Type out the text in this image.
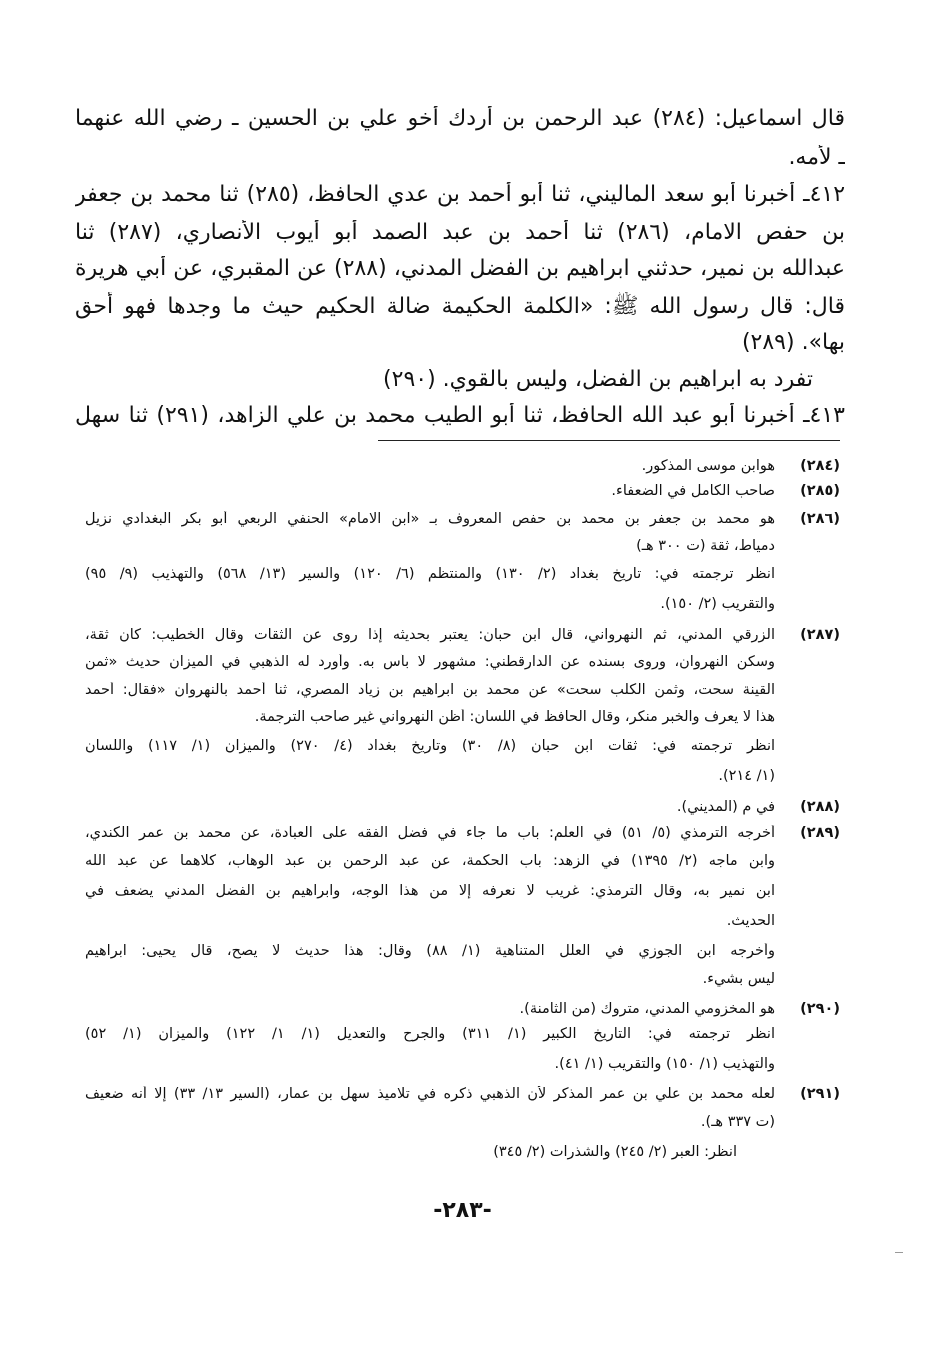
قال اسماعيل: (٢٨٤) عبد الرحمن بن أردك أخو علي بن الحسين ـ رضي الله عنهما
ـ لأمه.
٤١٢ـ أخبرنا أبو سعد الماليني، ثنا أبو أحمد بن عدي الحافظ، (٢٨٥) ثنا محمد بن جعفر
بن حفص الامام، (٢٨٦) ثنا أحمد بن عبد الصمد أبو أيوب الأنصاري، (٢٨٧) ثنا
عبدالله بن نمير، حدثني ابراهيم بن الفضل المدني، (٢٨٨) عن المقبري، عن أبي هريرة
قال: قال رسول الله ﷺ: «الكلمة الحكيمة ضالة الحكيم حيث ما وجدها فهو أحق
بها». (٢٨٩)
تفرد به ابراهيم بن الفضل، وليس بالقوي. (٢٩٠)
٤١٣ـ أخبرنا أبو عبد الله الحافظ، ثنا أبو الطيب محمد بن علي الزاهد، (٢٩١) ثنا سهل
(٢٨٤)
هوابن موسى المذكور.
(٢٨٥)
صاحب الكامل في الضعفاء.
(٢٨٦)
هو محمد بن جعفر بن محمد بن حفص المعروف بـ «ابن الامام» الحنفي الربعي أبو بكر البغدادي نزيل
دمياط، ثقة (ت ٣٠٠ هـ)
انظر ترجمته في: تاريخ بغداد (٢/ ١٣٠) والمنتظم (٦/ ١٢٠) والسير (١٣/ ٥٦٨) والتهذيب (٩/ ٩٥)
والتقريب (٢/ ١٥٠).
(٢٨٧)
الزرقي المدني، ثم النهرواني، قال ابن حبان: يعتبر بحديثه إذا روى عن الثقات وقال الخطيب: كان ثقة،
وسكن النهروان، وروى بسنده عن الدارقطني: مشهور لا بأس به. وأورد له الذهبي في الميزان حديث «ثمن
القينة سحت، وثمن الكلب سحت» عن محمد بن ابراهيم بن زياد المصري، ثنا أحمد بالنهروان «فقال: أحمد
هذا لا يعرف والخبر منكر، وقال الحافظ في اللسان: أظن النهرواني غير صاحب الترجمة.
انظر ترجمته في: ثقات ابن حبان (٨/ ٣٠) وتاريخ بغداد (٤/ ٢٧٠) والميزان (١/ ١١٧) واللسان
(١/ ٢١٤).
(٢٨٨)
في م (المديني).
(٢٨٩)
أخرجه الترمذي (٥/ ٥١) في العلم: باب ما جاء في فضل الفقه على العبادة، عن محمد بن عمر الكندي،
وابن ماجه (٢/ ١٣٩٥) في الزهد: باب الحكمة، عن عبد الرحمن بن عبد الوهاب، كلاهما عن عبد الله
ابن نمير به، وقال الترمذي: غريب لا نعرفه إلا من هذا الوجه، وابراهيم بن الفضل المدني يضعف في
الحديث.
وأخرجه ابن الجوزي في العلل المتناهية (١/ ٨٨) وقال: هذا حديث لا يصح، قال يحيى: ابراهيم
ليس بشيء.
(٢٩٠)
هو المخزومي المدني، متروك (من الثامنة).
انظر ترجمته في: التاريخ الكبير (١/ ٣١١) والجرح والتعديل (١/ ١/ ١٢٢) والميزان (١/ ٥٢)
والتهذيب (١/ ١٥٠) والتقريب (١/ ٤١).
(٢٩١)
لعله محمد بن علي بن عمر المذكر لأن الذهبي ذكره في تلاميذ سهل بن عمار، (السير ١٣/ ٣٣) إلا أنه ضعيف
(ت ٣٣٧ هـ).
انظر: العبر (٢/ ٢٤٥) والشذرات (٢/ ٣٤٥)
-٢٨٣-
